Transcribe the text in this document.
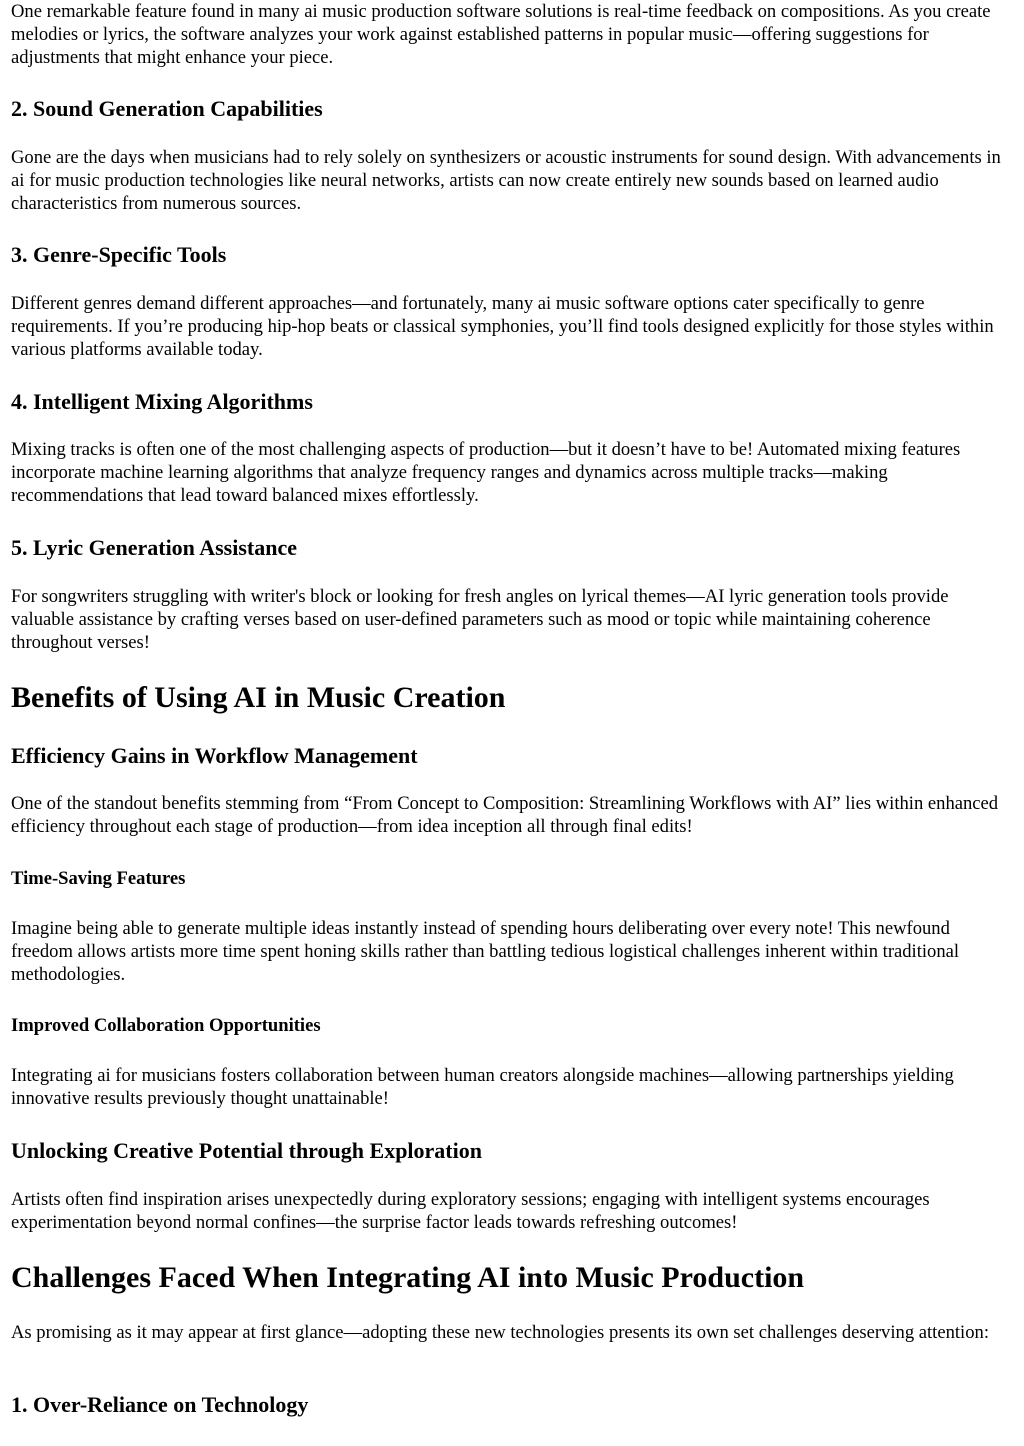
One remarkable feature found in many ai music production software solutions is real-time feedback on compositions. As you create melodies or lyrics, the software analyzes your work against established patterns in popular music—offering suggestions for adjustments that might enhance your piece.

2. Sound Generation Capabilities

Gone are the days when musicians had to rely solely on synthesizers or acoustic instruments for sound design. With advancements in ai for music production technologies like neural networks, artists can now create entirely new sounds based on learned audio characteristics from numerous sources.

3. Genre-Specific Tools

Different genres demand different approaches—and fortunately, many ai music software options cater specifically to genre requirements. If you’re producing hip-hop beats or classical symphonies, you’ll find tools designed explicitly for those styles within various platforms available today.

4. Intelligent Mixing Algorithms

Mixing tracks is often one of the most challenging aspects of production—but it doesn’t have to be! Automated mixing features incorporate machine learning algorithms that analyze frequency ranges and dynamics across multiple tracks—making recommendations that lead toward balanced mixes effortlessly.

5. Lyric Generation Assistance

For songwriters struggling with writer's block or looking for fresh angles on lyrical themes—AI lyric generation tools provide valuable assistance by crafting verses based on user-defined parameters such as mood or topic while maintaining coherence throughout verses!

Benefits of Using AI in Music Creation
Efficiency Gains in Workflow Management

One of the standout benefits stemming from “From Concept to Composition: Streamlining Workflows with AI” lies within enhanced efficiency throughout each stage of production—from idea inception all through final edits!

Time-Saving Features

Imagine being able to generate multiple ideas instantly instead of spending hours deliberating over every note! This newfound freedom allows artists more time spent honing skills rather than battling tedious logistical challenges inherent within traditional methodologies.

Improved Collaboration Opportunities

Integrating ai for musicians fosters collaboration between human creators alongside machines—allowing partnerships yielding innovative results previously thought unattainable!

Unlocking Creative Potential through Exploration

Artists often find inspiration arises unexpectedly during exploratory sessions; engaging with intelligent systems encourages experimentation beyond normal confines—the surprise factor leads towards refreshing outcomes!

Challenges Faced When Integrating AI into Music Production

As promising as it may appear at first glance—adopting these new technologies presents its own set challenges deserving attention:

1. Over-Reliance on Technology
